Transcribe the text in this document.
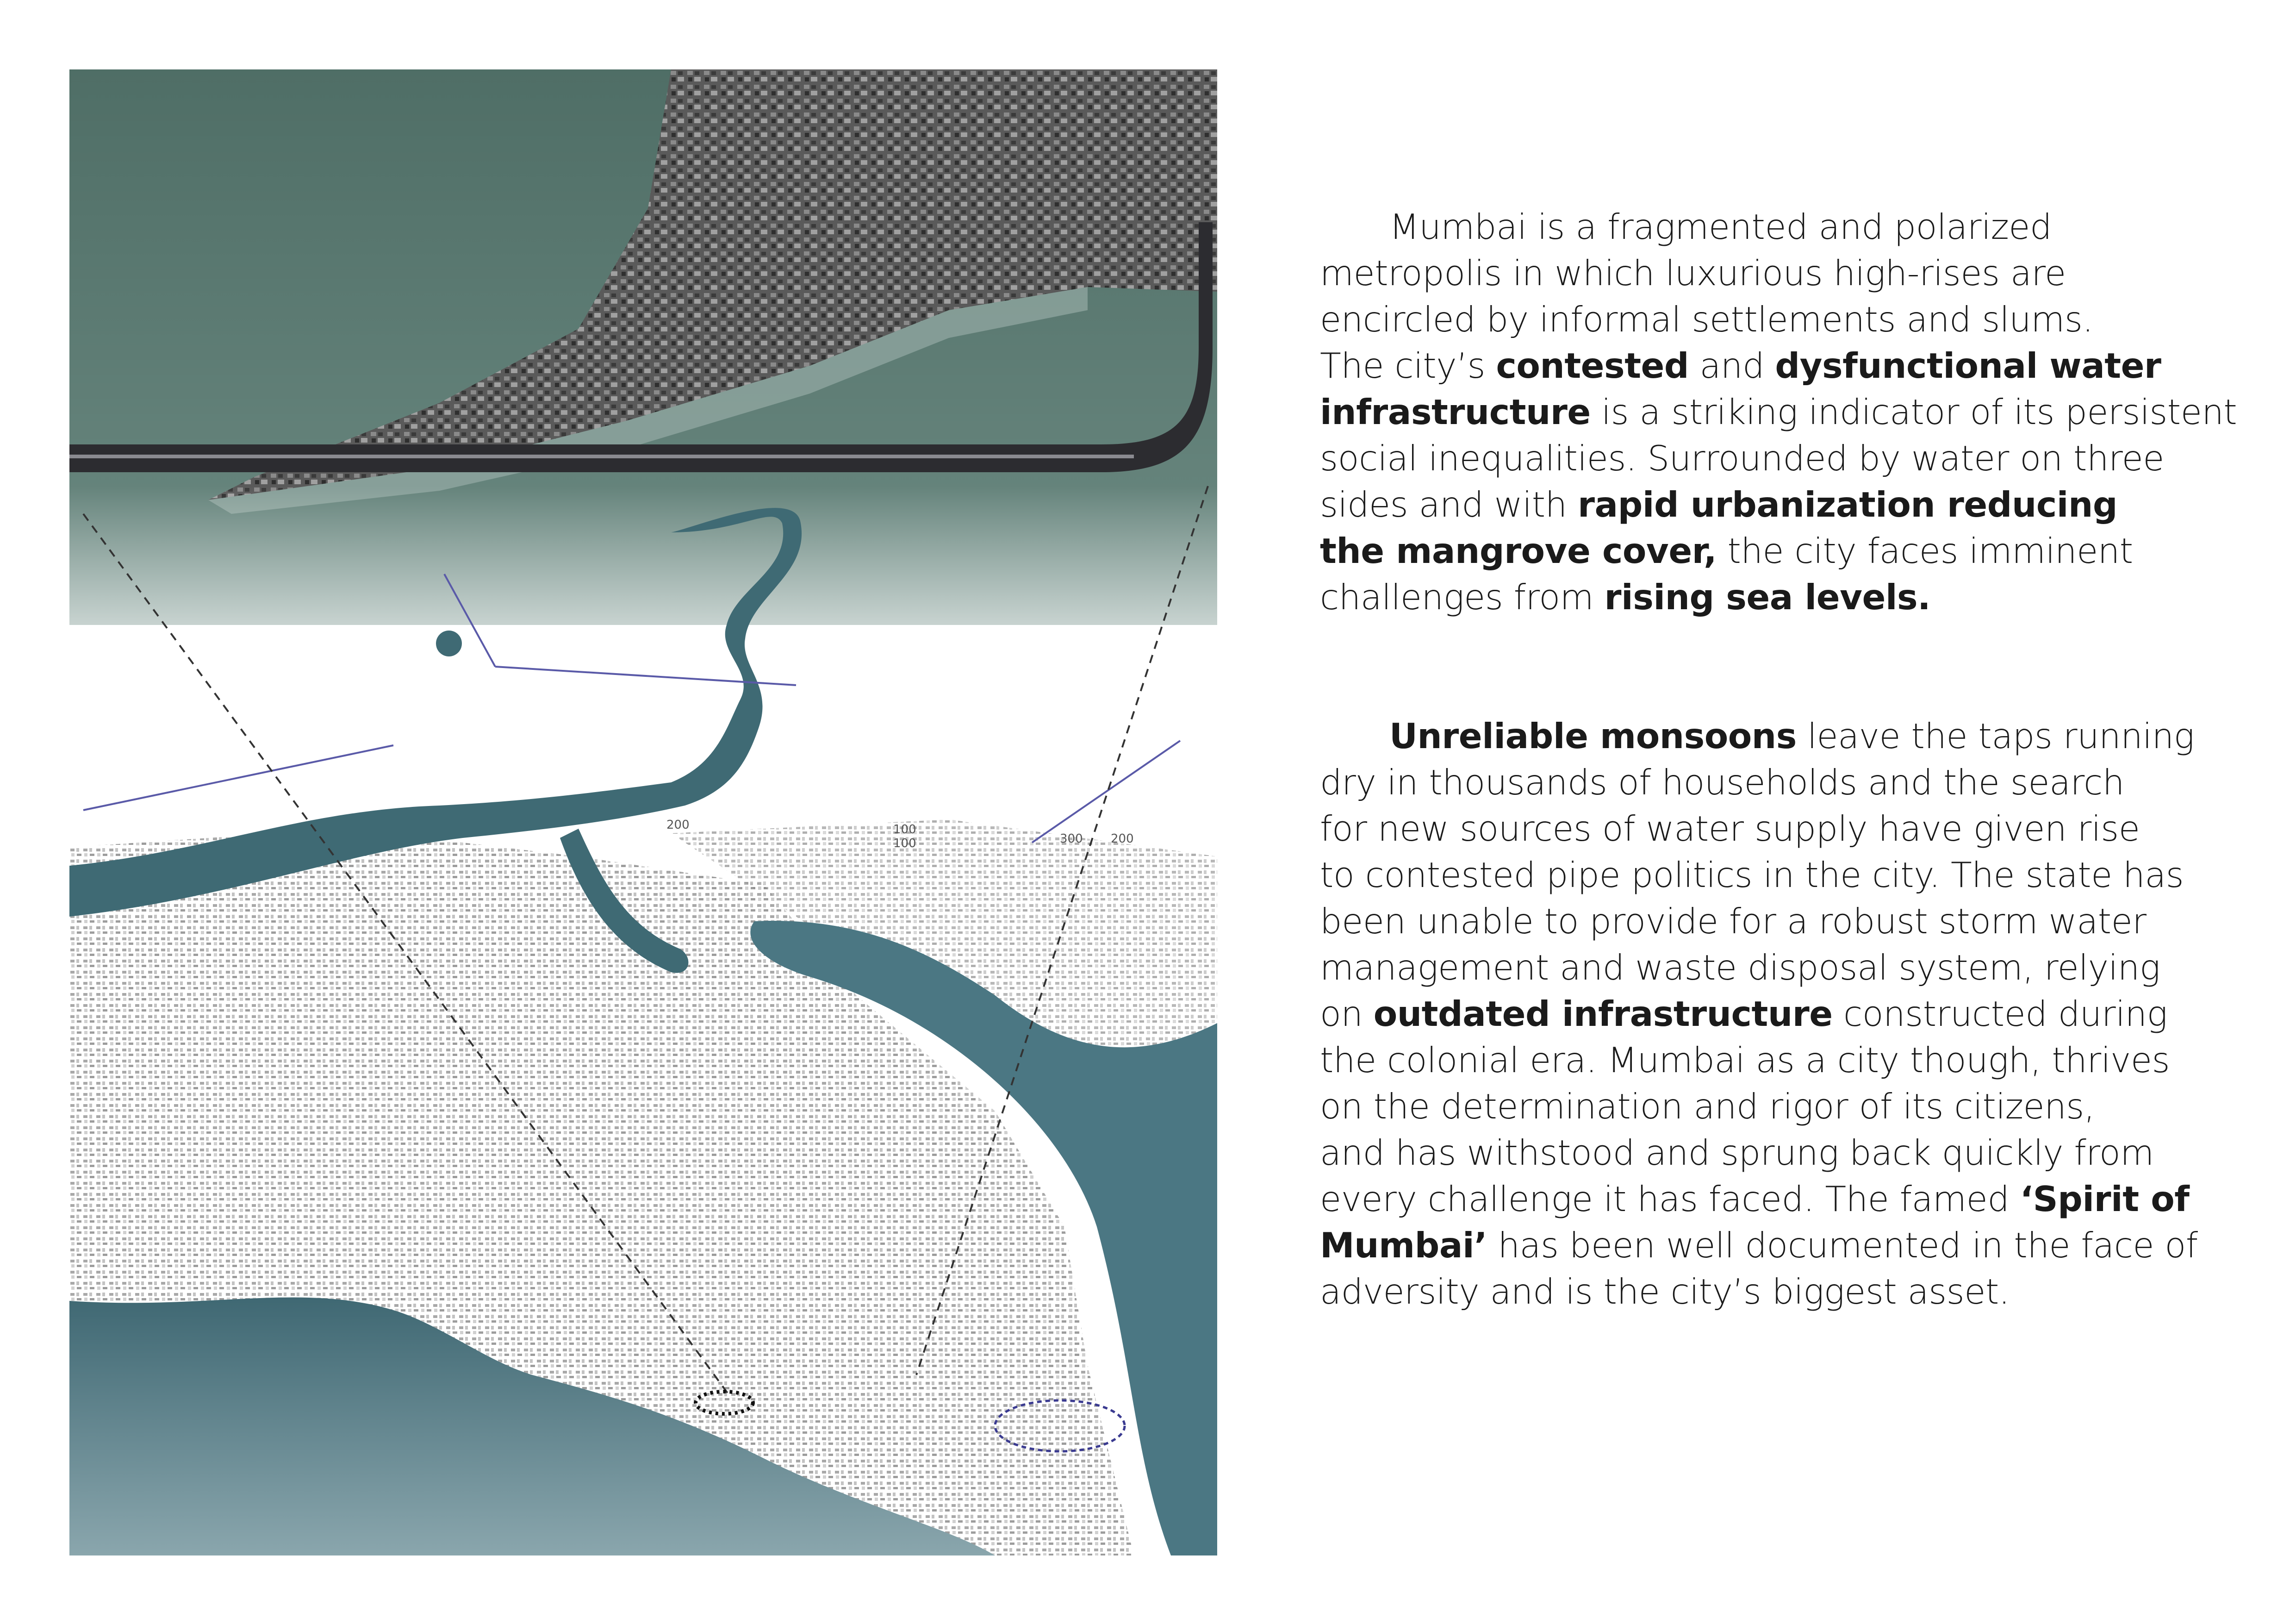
100
100
200
300 200

Mumbai is a fragmented and polarized
metropolis in which luxurious high-rises are
encircled by informal settlements and slums.
The city’s contested and dysfunctional water
infrastructure is a striking indicator of its persistent
social inequalities. Surrounded by water on three
sides and with rapid urbanization reducing
the mangrove cover, the city faces imminent
challenges from rising sea levels.

Unreliable monsoons leave the taps running
dry in thousands of households and the search
for new sources of water supply have given rise
to contested pipe politics in the city. The state has
been unable to provide for a robust storm water
management and waste disposal system, relying
on outdated infrastructure constructed during
the colonial era. Mumbai as a city though, thrives
on the determination and rigor of its citizens,
and has withstood and sprung back quickly from
every challenge it has faced. The famed ‘Spirit of
Mumbai’ has been well documented in the face of
adversity and is the city’s biggest asset.
